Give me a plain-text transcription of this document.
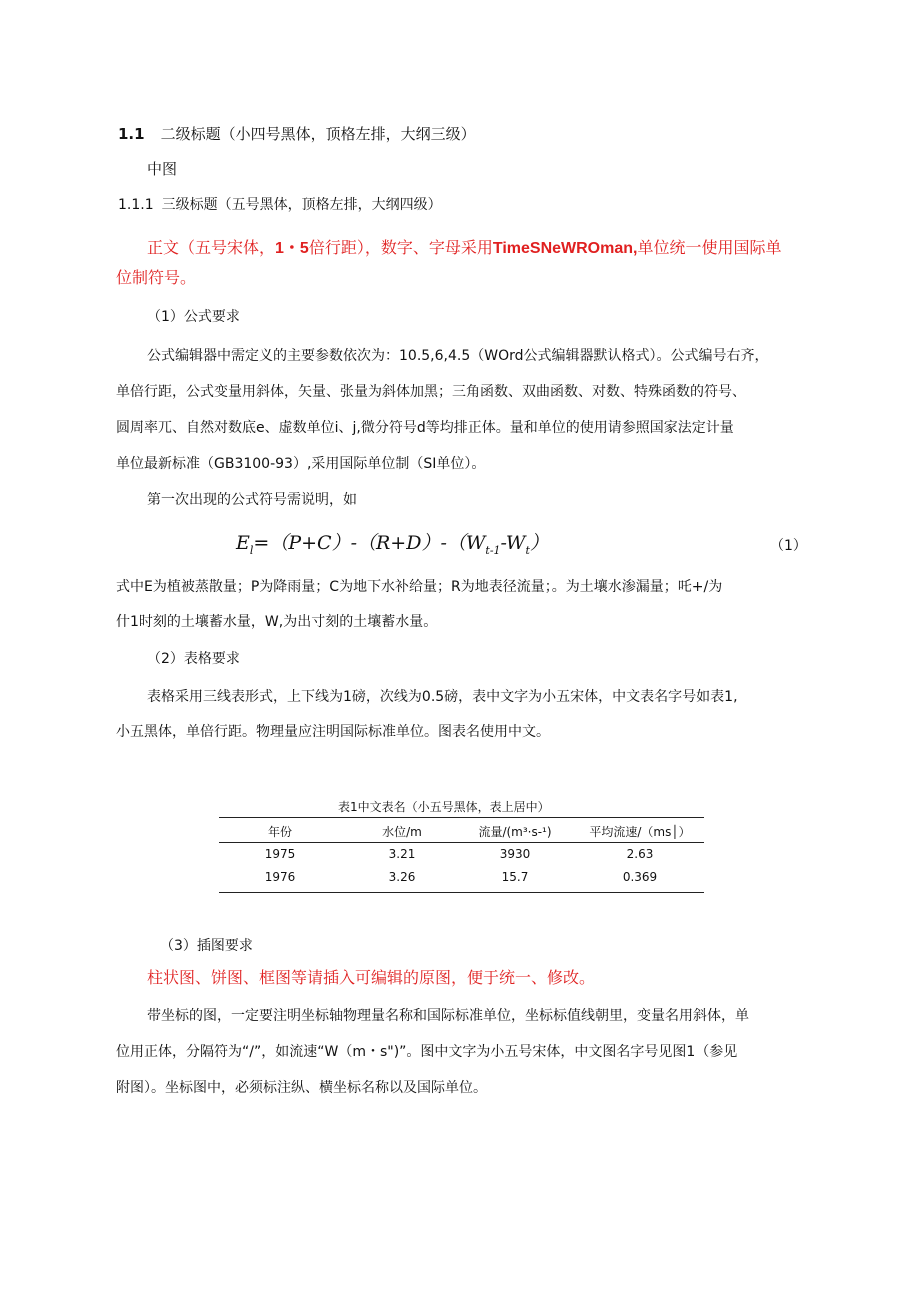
1.1 二级标题（小四号黑体，顶格左排，大纲三级）
中图
1.1.1 三级标题（五号黑体，顶格左排，大纲四级）
正文（五号宋体，1・5倍行距），数字、字母采用TimeSNeWROman,单位统一使用国际单
位制符号。
（1）公式要求
公式编辑器中需定义的主要参数依次为：10.5,6,4.5（WOrd公式编辑器默认格式）。公式编号右齐，
单倍行距，公式变量用斜体，矢量、张量为斜体加黑；三角函数、双曲函数、对数、特殊函数的符号、
圆周率兀、自然对数底e、虚数单位i、j,微分符号d等均排正体。量和单位的使用请参照国家法定计量
单位最新标准（GB3100-93）,采用国际单位制（SI单位）。
第一次出现的公式符号需说明，如
$E_l=(P+C)-(R+D)-(W_{t-1}-W_t)$	（1）
式中E为植被蒸散量；P为降雨量；C为地下水补给量；R为地表径流量；。为土壤水渗漏量；吒+/为
什1时刻的土壤蓄水量，W,为出寸刻的土壤蓄水量。
（2）表格要求
表格采用三线表形式，上下线为1磅，次线为0.5磅，表中文字为小五宋体，中文表名字号如表1,
小五黑体，单倍行距。物理量应注明国际标准单位。图表名使用中文。
表1中文表名（小五号黑体，表上居中）
年份	水位/m	流量/(m³·s-¹)	平均流速/（ms│）
1975	3.21	3930	2.63
1976	3.26	15.7	0.369
（3）插图要求
柱状图、饼图、框图等请插入可编辑的原图，便于统一、修改。
带坐标的图，一定要注明坐标轴物理量名称和国际标准单位，坐标标值线朝里，变量名用斜体，单
位用正体，分隔符为“/”，如流速“W（m・s")”。图中文字为小五号宋体，中文图名字号见图1（参见
附图）。坐标图中，必须标注纵、横坐标名称以及国际单位。
